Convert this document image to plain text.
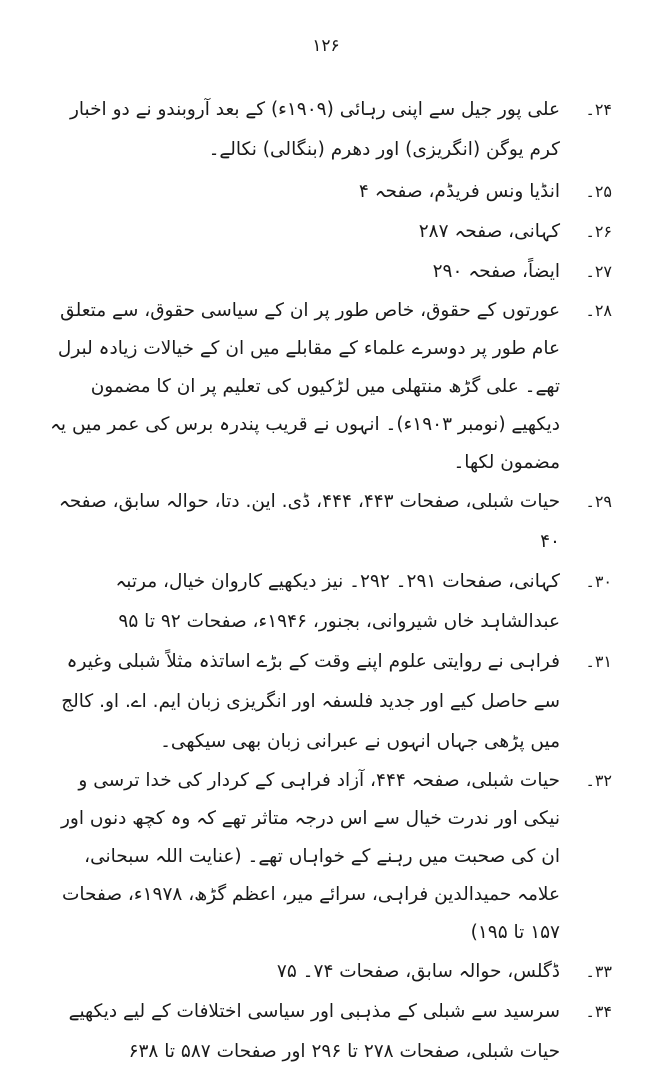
۱۲۶
۲۴۔
علی پور جیل سے اپنی رہائی (۱۹۰۹ء) کے بعد آروبندو نے دو اخبار کرم یوگن (انگریزی) اور دھرم (بنگالی) نکالے۔
۲۵۔
انڈیا ونس فریڈم، صفحہ ۴
۲۶۔
کہانی، صفحہ ۲۸۷
۲۷۔
ایضاً، صفحہ ۲۹۰
۲۸۔
عورتوں کے حقوق، خاص طور پر ان کے سیاسی حقوق، سے متعلق عام طور پر دوسرے علماء کے مقابلے میں ان کے خیالات زیادہ لبرل تھے۔ علی گڑھ منتھلی میں لڑکیوں کی تعلیم پر ان کا مضمون دیکھیے (نومبر ۱۹۰۳ء)۔ انہوں نے قریب پندرہ برس کی عمر میں یہ مضمون لکھا۔
۲۹۔
حیات شبلی، صفحات ۴۴۳، ۴۴۴، ڈی. این. دتا، حوالہ سابق، صفحہ ۴۰
۳۰۔
کہانی، صفحات ۲۹۱۔ ۲۹۲۔ نیز دیکھیے کاروان خیال، مرتبہ عبدالشاہد خاں شیروانی، بجنور، ۱۹۴۶ء، صفحات ۹۲ تا ۹۵
۳۱۔
فراہی نے روایتی علوم اپنے وقت کے بڑے اساتذہ مثلاً شبلی وغیرہ سے حاصل کیے اور جدید فلسفہ اور انگریزی زبان ایم. اے. او. کالج میں پڑھی جہاں انہوں نے عبرانی زبان بھی سیکھی۔
۳۲۔
حیات شبلی، صفحہ ۴۴۴، آزاد فراہی کے کردار کی خدا ترسی و نیکی اور ندرت خیال سے اس درجہ متاثر تھے کہ وہ کچھ دنوں اور ان کی صحبت میں رہنے کے خواہاں تھے۔ (عنایت اللہ سبحانی، علامہ حمیدالدین فراہی، سرائے میر، اعظم گڑھ، ۱۹۷۸ء، صفحات ۱۵۷ تا ۱۹۵)
۳۳۔
ڈگلس، حوالہ سابق، صفحات ۷۴۔ ۷۵
۳۴۔
سرسید سے شبلی کے مذہبی اور سیاسی اختلافات کے لیے دیکھیے حیات شبلی، صفحات ۲۷۸ تا ۲۹۶ اور صفحات ۵۸۷ تا ۶۳۸
